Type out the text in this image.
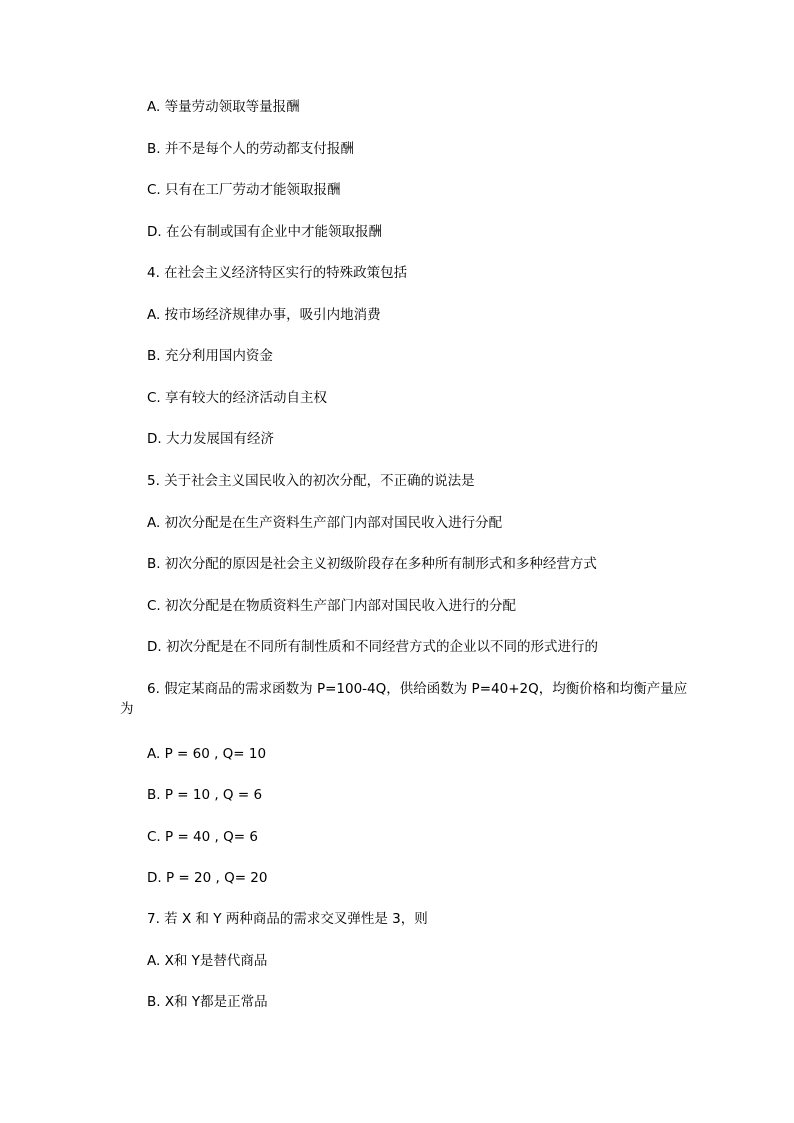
A. 等量劳动领取等量报酬
B. 并不是每个人的劳动都支付报酬
C. 只有在工厂劳动才能领取报酬
D. 在公有制或国有企业中才能领取报酬
4. 在社会主义经济特区实行的特殊政策包括
A. 按市场经济规律办事，吸引内地消费
B. 充分利用国内资金
C. 享有较大的经济活动自主权
D. 大力发展国有经济
5. 关于社会主义国民收入的初次分配，不正确的说法是
A. 初次分配是在生产资料生产部门内部对国民收入进行分配
B. 初次分配的原因是社会主义初级阶段存在多种所有制形式和多种经营方式
C. 初次分配是在物质资料生产部门内部对国民收入进行的分配
D. 初次分配是在不同所有制性质和不同经营方式的企业以不同的形式进行的
6. 假定某商品的需求函数为 P=100-4Q，供给函数为 P=40+2Q，均衡价格和均衡产量应
为
A. P = 60 , Q= 10
B. P = 10 , Q = 6
C. P = 40 , Q= 6
D. P = 20 , Q= 20
7. 若 X 和 Y 两种商品的需求交叉弹性是 3，则
A. X和 Y是替代商品
B. X和 Y都是正常品
